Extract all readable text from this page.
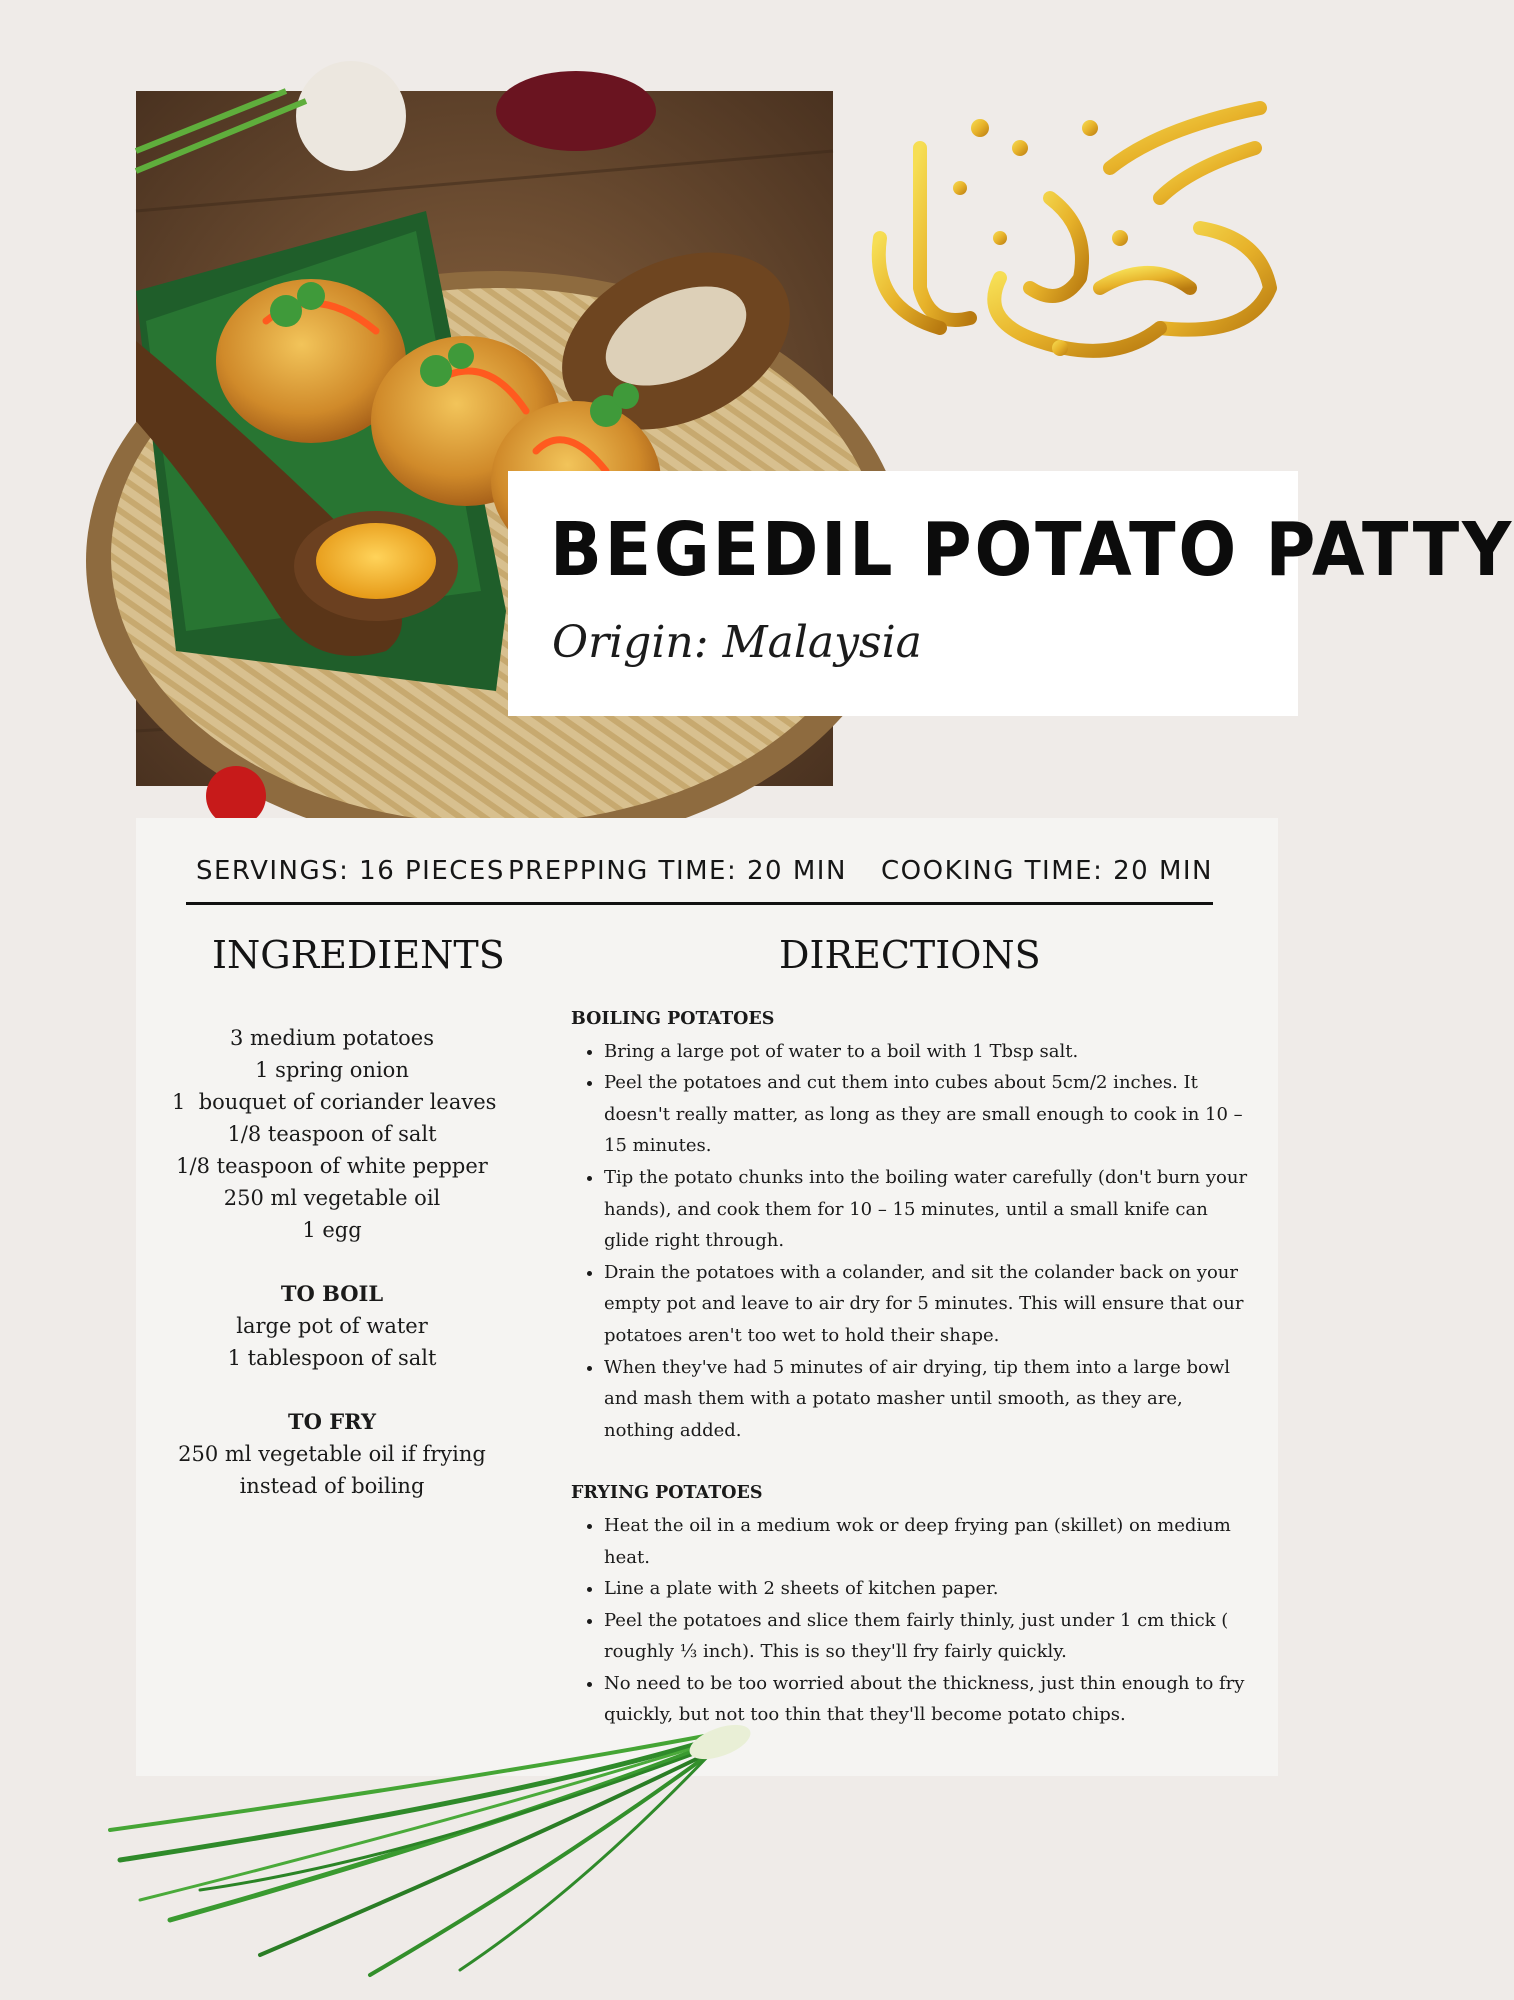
BEGEDIL POTATO PATTY

Origin: Malaysia

SERVINGS: 16 PIECES PREPPING TIME: 20 MIN COOKING TIME: 20 MIN
INGREDIENTS	DIRECTIONS
3 medium potatoes
1 spring onion
1  bouquet of coriander leaves
1/8 teaspoon of salt
1/8 teaspoon of white pepper
250 ml vegetable oil
1 egg
TO BOIL
large pot of water
1 tablespoon of salt
TO FRY
250 ml vegetable oil if frying
instead of boiling
BOILING POTATOES
• Bring a large pot of water to a boil with 1 Tbsp salt.
• Peel the potatoes and cut them into cubes about 5cm/2 inches. It doesn't really matter, as long as they are small enough to cook in 10 – 15 minutes.
• Tip the potato chunks into the boiling water carefully (don't burn your hands), and cook them for 10 – 15 minutes, until a small knife can glide right through.
• Drain the potatoes with a colander, and sit the colander back on your empty pot and leave to air dry for 5 minutes. This will ensure that our potatoes aren't too wet to hold their shape.
• When they've had 5 minutes of air drying, tip them into a large bowl and mash them with a potato masher until smooth, as they are, nothing added.
FRYING POTATOES
• Heat the oil in a medium wok or deep frying pan (skillet) on medium heat.
• Line a plate with 2 sheets of kitchen paper.
• Peel the potatoes and slice them fairly thinly, just under 1 cm thick ( roughly ⅓ inch). This is so they'll fry fairly quickly.
• No need to be too worried about the thickness, just thin enough to fry quickly, but not too thin that they'll become potato chips.
